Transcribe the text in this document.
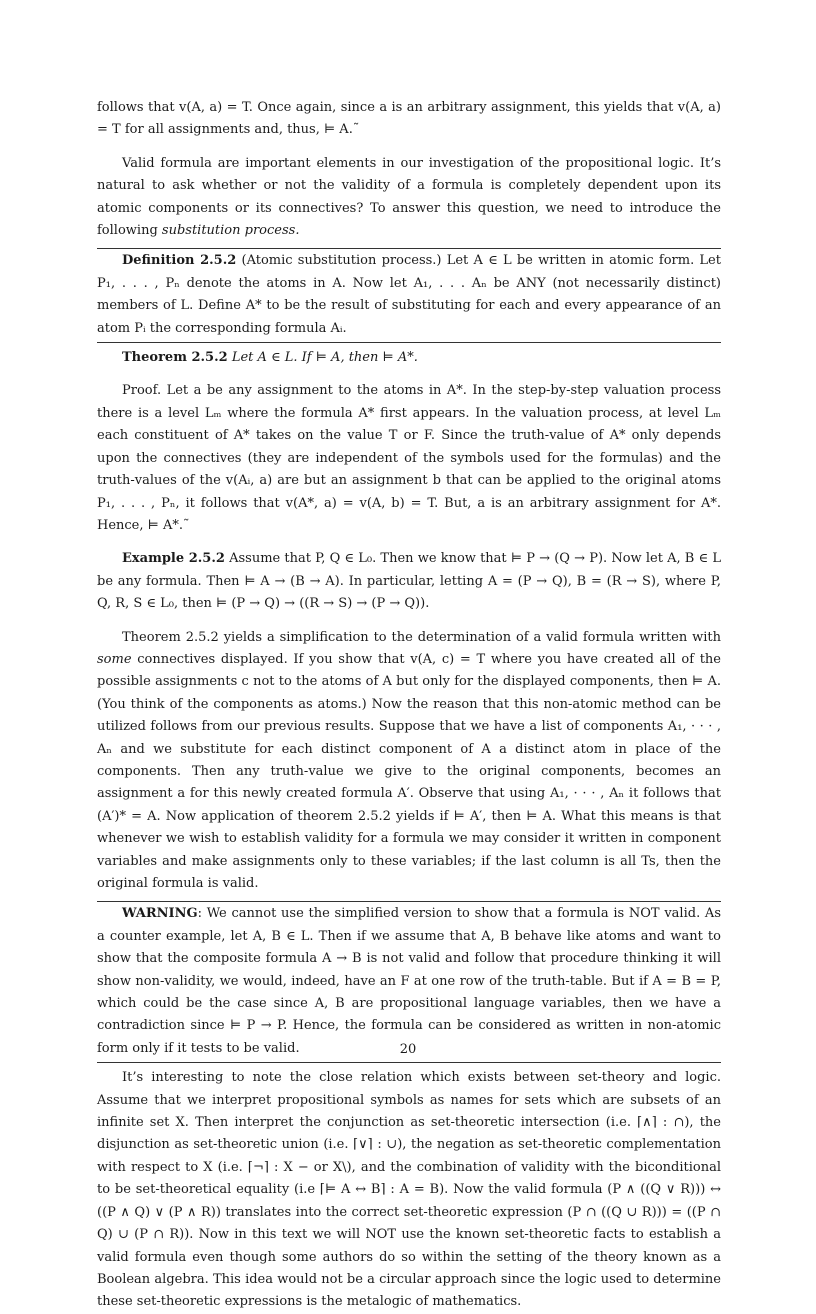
follows that v(A, a) = T. Once again, since a is an arbitrary assignment, this yields that v(A, a) = T for all assignments and, thus, ⊨ A.˜

Valid formula are important elements in our investigation of the propositional logic. It’s natural to ask whether or not the validity of a formula is completely dependent upon its atomic components or its connectives? To answer this question, we need to introduce the following substitution process.

Definition 2.5.2 (Atomic substitution process.) Let A ∈ L be written in atomic form. Let P₁, . . . , Pₙ denote the atoms in A. Now let A₁, . . . Aₙ be ANY (not necessarily distinct) members of L. Define A* to be the result of substituting for each and every appearance of an atom Pᵢ the corresponding formula Aᵢ.

Theorem 2.5.2 Let A ∈ L. If ⊨ A, then ⊨ A*.

Proof. Let a be any assignment to the atoms in A*. In the step-by-step valuation process there is a level Lₘ where the formula A* first appears. In the valuation process, at level Lₘ each constituent of A* takes on the value T or F. Since the truth-value of A* only depends upon the connectives (they are independent of the symbols used for the formulas) and the truth-values of the v(Aᵢ, a) are but an assignment b that can be applied to the original atoms P₁, . . . , Pₙ, it follows that v(A*, a) = v(A, b) = T. But, a is an arbitrary assignment for A*. Hence, ⊨ A*.˜

Example 2.5.2 Assume that P, Q ∈ L₀. Then we know that ⊨ P → (Q → P). Now let A, B ∈ L be any formula. Then ⊨ A → (B → A). In particular, letting A = (P → Q), B = (R → S), where P, Q, R, S ∈ L₀, then ⊨ (P → Q) → ((R → S) → (P → Q)).

Theorem 2.5.2 yields a simplification to the determination of a valid formula written with some connectives displayed. If you show that v(A, c) = T where you have created all of the possible assignments c not to the atoms of A but only for the displayed components, then ⊨ A. (You think of the components as atoms.) Now the reason that this non-atomic method can be utilized follows from our previous results. Suppose that we have a list of components A₁, · · · , Aₙ and we substitute for each distinct component of A a distinct atom in place of the components. Then any truth-value we give to the original components, becomes an assignment a for this newly created formula A′. Observe that using A₁, · · · , Aₙ it follows that (A′)* = A. Now application of theorem 2.5.2 yields if ⊨ A′, then ⊨ A. What this means is that whenever we wish to establish validity for a formula we may consider it written in component variables and make assignments only to these variables; if the last column is all Ts, then the original formula is valid.

WARNING: We cannot use the simplified version to show that a formula is NOT valid. As a counter example, let A, B ∈ L. Then if we assume that A, B behave like atoms and want to show that the composite formula A → B is not valid and follow that procedure thinking it will show non-validity, we would, indeed, have an F at one row of the truth-table. But if A = B = P, which could be the case since A, B are propositional language variables, then we have a contradiction since ⊨ P → P. Hence, the formula can be considered as written in non-atomic form only if it tests to be valid.

It’s interesting to note the close relation which exists between set-theory and logic. Assume that we interpret propositional symbols as names for sets which are subsets of an infinite set X. Then interpret the conjunction as set-theoretic intersection (i.e. ⌈∧⌉ : ∩), the disjunction as set-theoretic union (i.e. ⌈∨⌉ : ∪), the negation as set-theoretic complementation with respect to X (i.e. ⌈¬⌉ : X − or X\), and the combination of validity with the biconditional to be set-theoretical equality (i.e ⌈⊨ A ↔ B⌉ : A = B). Now the valid formula (P ∧ ((Q ∨ R))) ↔ ((P ∧ Q) ∨ (P ∧ R)) translates into the correct set-theoretic expression (P ∩ ((Q ∪ R))) = ((P ∩ Q) ∪ (P ∩ R)). Now in this text we will NOT use the known set-theoretic facts to establish a valid formula even though some authors do so within the setting of the theory known as a Boolean algebra. This idea would not be a circular approach since the logic used to determine these set-theoretic expressions is the metalogic of mathematics.

20
